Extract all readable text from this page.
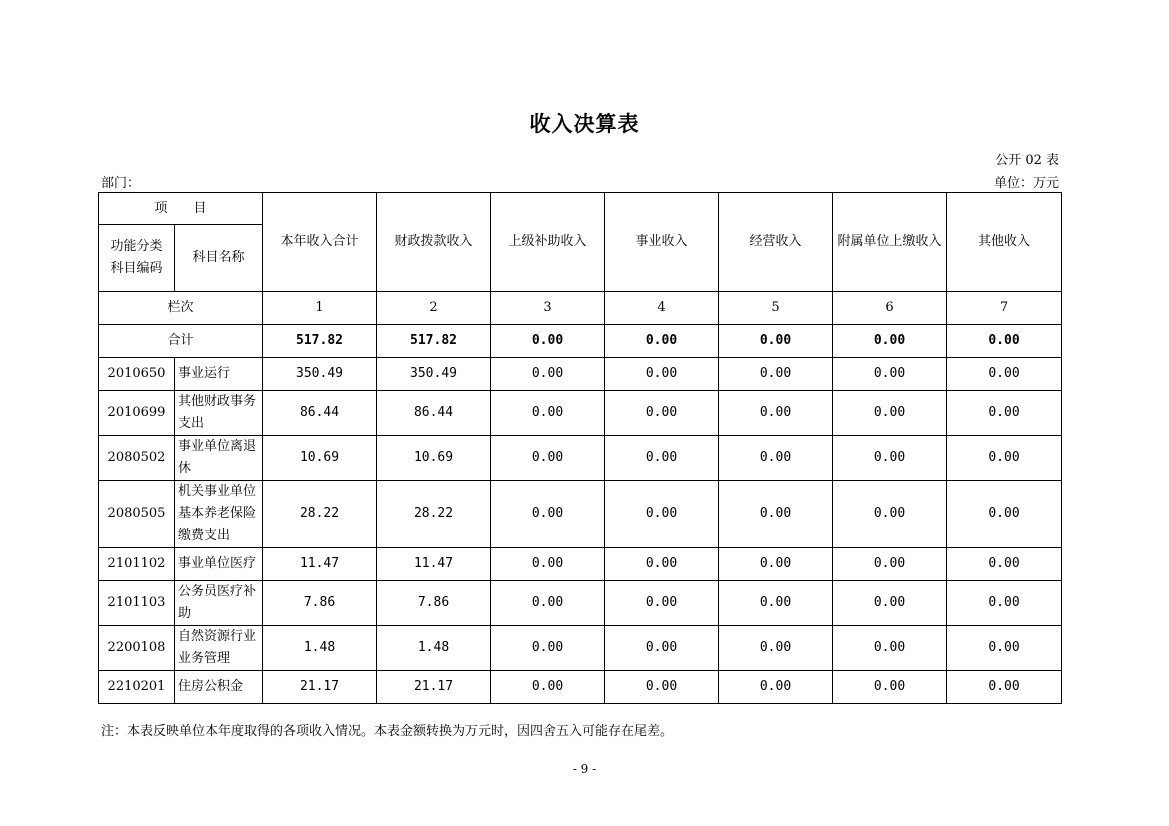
收入决算表
公开 02 表
部门：	单位：万元
项　　目		本年收入合计	财政拨款收入	上级补助收入	事业收入	经营收入	附属单位上缴收入	其他收入
功能分类科目编码	科目名称							
栏次		1	2	3	4	5	6	7
合计		517.82	517.82	0.00	0.00	0.00	0.00	0.00
2010650	事业运行	350.49	350.49	0.00	0.00	0.00	0.00	0.00
2010699	其他财政事务支出	86.44	86.44	0.00	0.00	0.00	0.00	0.00
2080502	事业单位离退休	10.69	10.69	0.00	0.00	0.00	0.00	0.00
2080505	机关事业单位基本养老保险缴费支出	28.22	28.22	0.00	0.00	0.00	0.00	0.00
2101102	事业单位医疗	11.47	11.47	0.00	0.00	0.00	0.00	0.00
2101103	公务员医疗补助	7.86	7.86	0.00	0.00	0.00	0.00	0.00
2200108	自然资源行业业务管理	1.48	1.48	0.00	0.00	0.00	0.00	0.00
2210201	住房公积金	21.17	21.17	0.00	0.00	0.00	0.00	0.00
注：本表反映单位本年度取得的各项收入情况。本表金额转换为万元时，因四舍五入可能存在尾差。
- 9 -
